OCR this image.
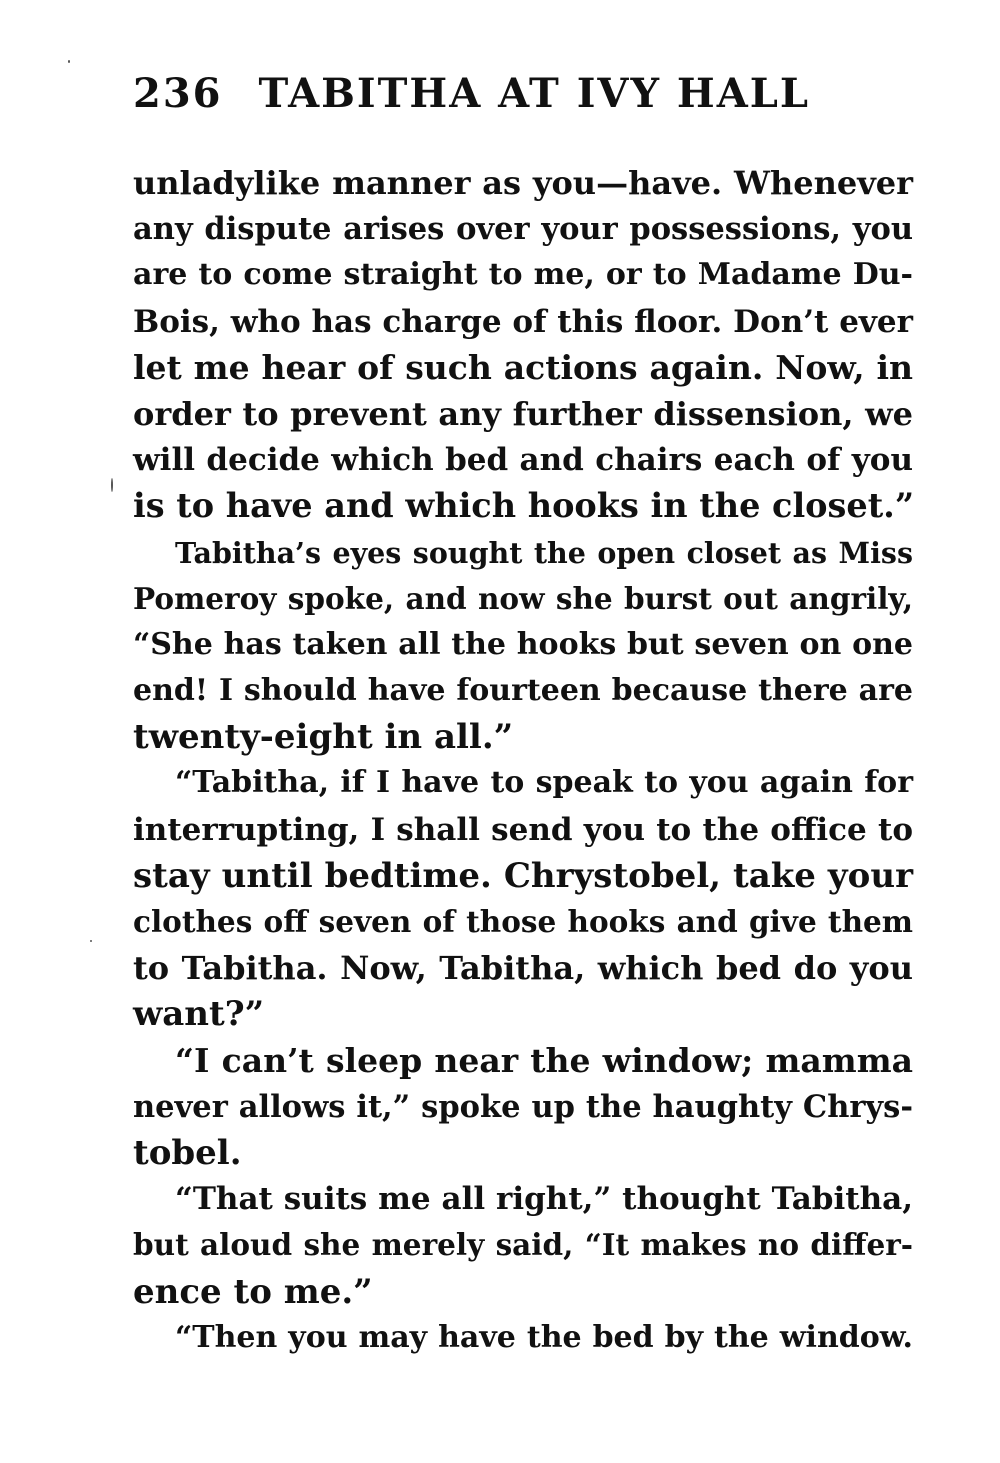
236 TABITHA AT IVY HALL
unladylike manner as you—have. Whenever
any dispute arises over your possessions, you
are to come straight to me, or to Madame Du-
Bois, who has charge of this floor. Don’t ever
let me hear of such actions again. Now, in
order to prevent any further dissension, we
will decide which bed and chairs each of you
is to have and which hooks in the closet.”
Tabitha’s eyes sought the open closet as Miss
Pomeroy spoke, and now she burst out angrily,
“She has taken all the hooks but seven on one
end! I should have fourteen because there are
twenty-eight in all.”
“Tabitha, if I have to speak to you again for
interrupting, I shall send you to the office to
stay until bedtime. Chrystobel, take your
clothes off seven of those hooks and give them
to Tabitha. Now, Tabitha, which bed do you
want?”
“I can’t sleep near the window; mamma
never allows it,” spoke up the haughty Chrys-
tobel.
“That suits me all right,” thought Tabitha,
but aloud she merely said, “It makes no differ-
ence to me.”
“Then you may have the bed by the window.
